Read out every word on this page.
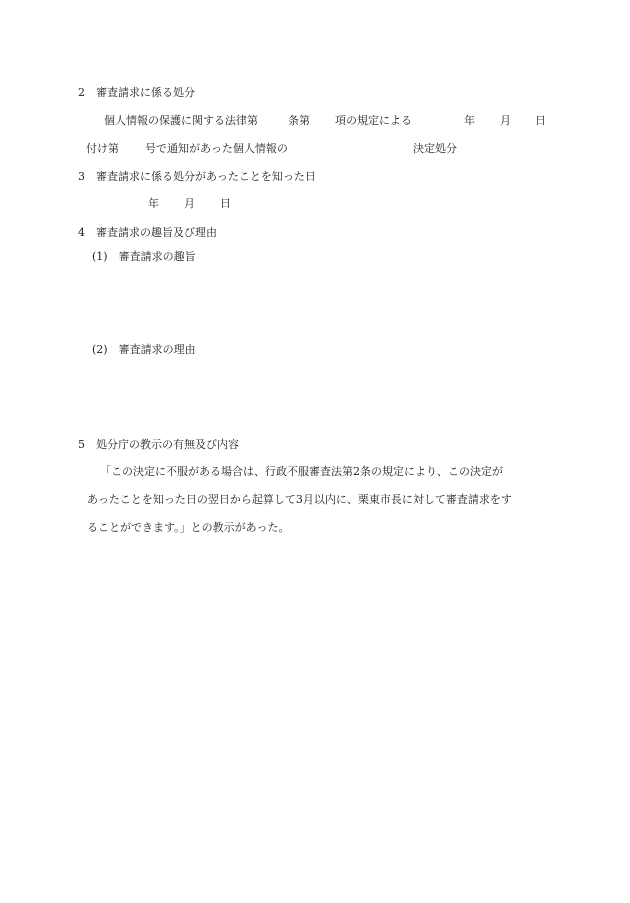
2　審査請求に係る処分

個人情報の保護に関する法律第	条第 項の規定による	年 月 日
付け第 号で通知があった個人情報の	決定処分

3　審査請求に係る処分があったことを知った日

年 月 日

4　審査請求の趣旨及び理由

(1)　審査請求の趣旨

(2)　審査請求の理由

5　処分庁の教示の有無及び内容

「この決定に不服がある場合は、行政不服審査法第2条の規定により、この決定が

あったことを知った日の翌日から起算して3月以内に、栗東市長に対して審査請求をす

ることができます。」との教示があった。
